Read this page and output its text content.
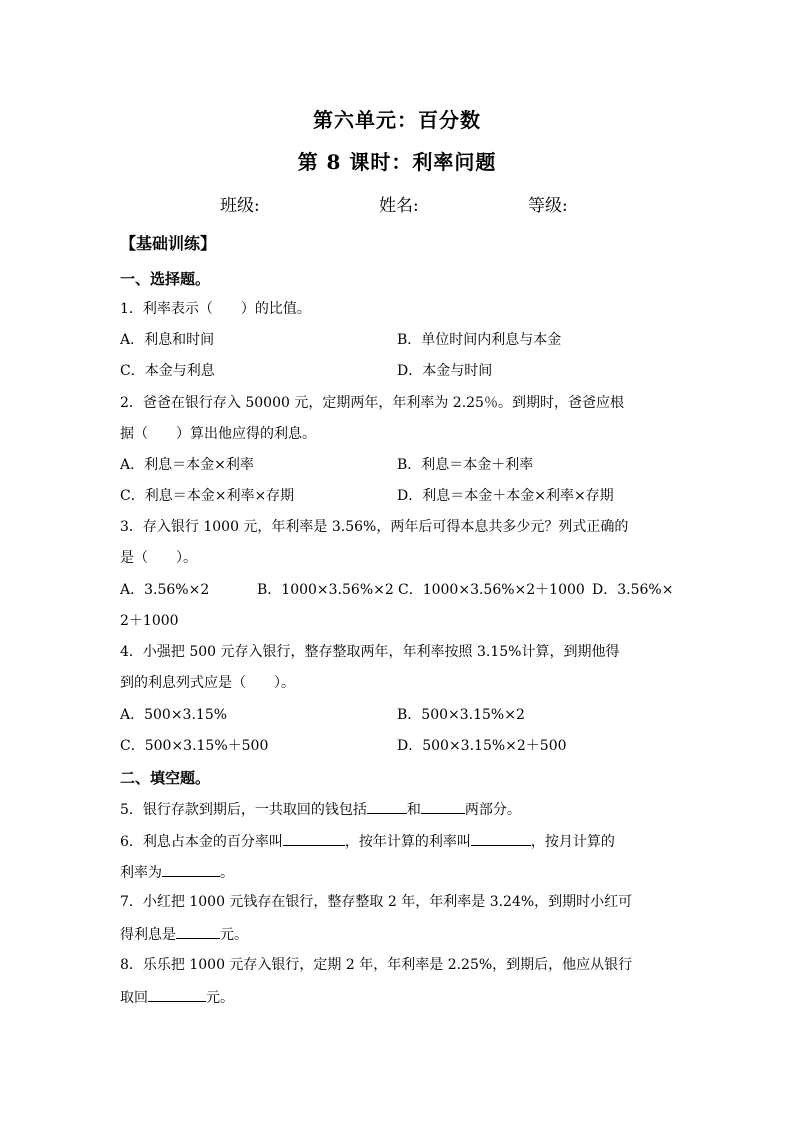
第六单元：百分数
第 8 课时：利率问题
班级:	姓名:	等级:
【基础训练】
一、选择题。
1．利率表示（　　）的比值。
A．利息和时间	B．单位时间内利息与本金
C．本金与利息	D．本金与时间
2．爸爸在银行存入 50000 元，定期两年，年利率为 2.25％。到期时，爸爸应根
据（　　）算出他应得的利息。
A．利息＝本金×利率	B．利息＝本金＋利率
C．利息＝本金×利率×存期	D．利息＝本金＋本金×利率×存期
3．存入银行 1000 元，年利率是 3.56%，两年后可得本息共多少元？列式正确的
是（　　）。
A．3.56%×2	B．1000×3.56%×2 C．1000×3.56%×2＋1000 D．3.56%×
2＋1000
4．小强把 500 元存入银行，整存整取两年，年利率按照 3.15%计算，到期他得
到的利息列式应是（　　）。
A．500×3.15%	B．500×3.15%×2
C．500×3.15%＋500	D．500×3.15%×2＋500
二、填空题。
5．银行存款到期后，一共取回的钱包括	和	两部分。
6．利息占本金的百分率叫	，按年计算的利率叫	，按月计算的
利率为	。
7．小红把 1000 元钱存在银行，整存整取 2 年，年利率是 3.24%，到期时小红可
得利息是	元。
8．乐乐把 1000 元存入银行，定期 2 年，年利率是 2.25%，到期后，他应从银行
取回	元。
